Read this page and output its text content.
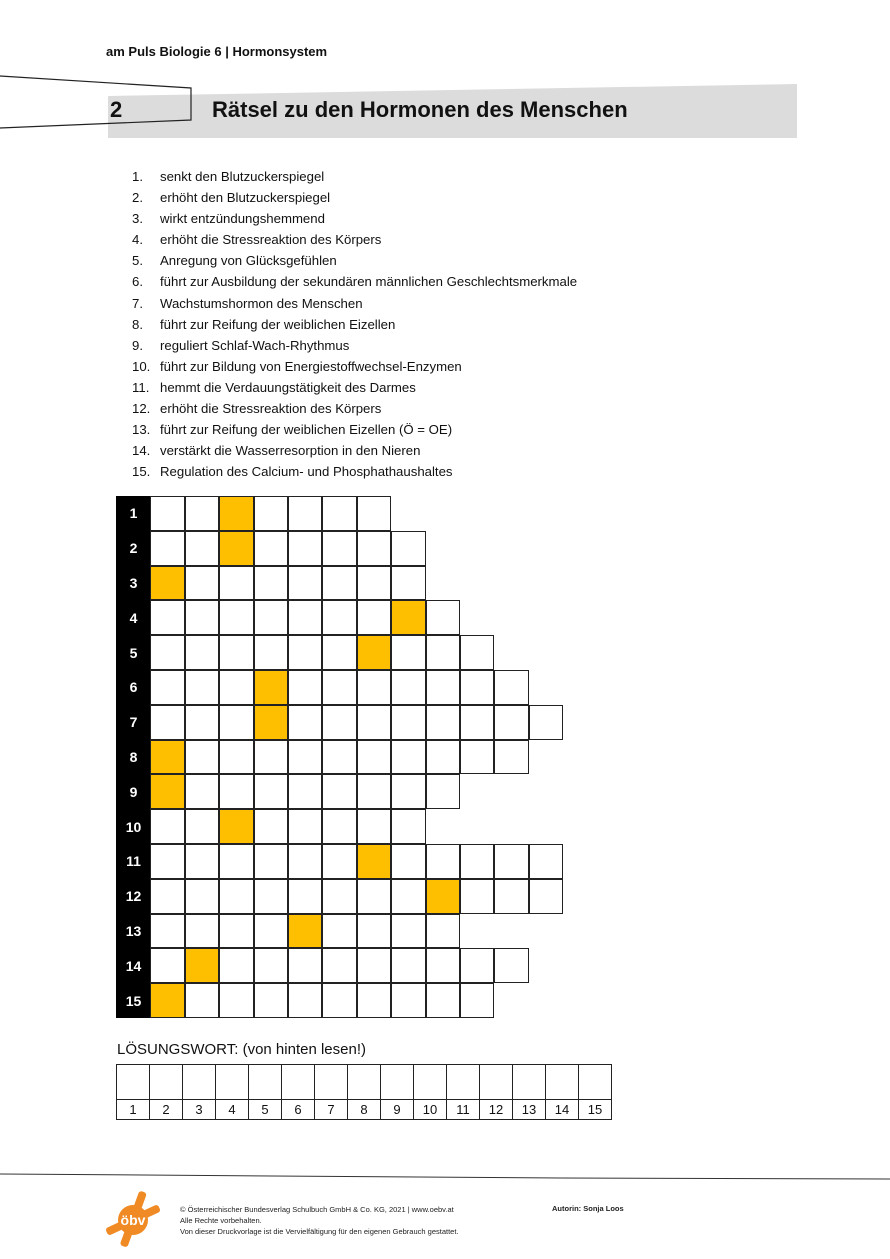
am Puls Biologie 6 | Hormonsystem
2	Rätsel zu den Hormonen des Menschen
1. senkt den Blutzuckerspiegel
2. erhöht den Blutzuckerspiegel
3. wirkt entzündungshemmend
4. erhöht die Stressreaktion des Körpers
5. Anregung von Glücksgefühlen
6. führt zur Ausbildung der sekundären männlichen Geschlechtsmerkmale
7. Wachstumshormon des Menschen
8. führt zur Reifung der weiblichen Eizellen
9. reguliert Schlaf-Wach-Rhythmus
10. führt zur Bildung von Energiestoffwechsel-Enzymen
11. hemmt die Verdauungstätigkeit des Darmes
12. erhöht die Stressreaktion des Körpers
13. führt zur Reifung der weiblichen Eizellen (Ö = OE)
14. verstärkt die Wasserresorption in den Nieren
15. Regulation des Calcium- und Phosphathaushaltes
1
2
3
4
5
6
7
8
9
10
11
12
13
14
15
LÖSUNGSWORT: (von hinten lesen!)

1	2	3	4	5	6	7	8	9	10	11	12	13	14	15
öbv
© Österreichischer Bundesverlag Schulbuch GmbH & Co. KG, 2021 | www.oebv.at
Alle Rechte vorbehalten.
Von dieser Druckvorlage ist die Vervielfältigung für den eigenen Gebrauch gestattet.
Autorin: Sonja Loos
